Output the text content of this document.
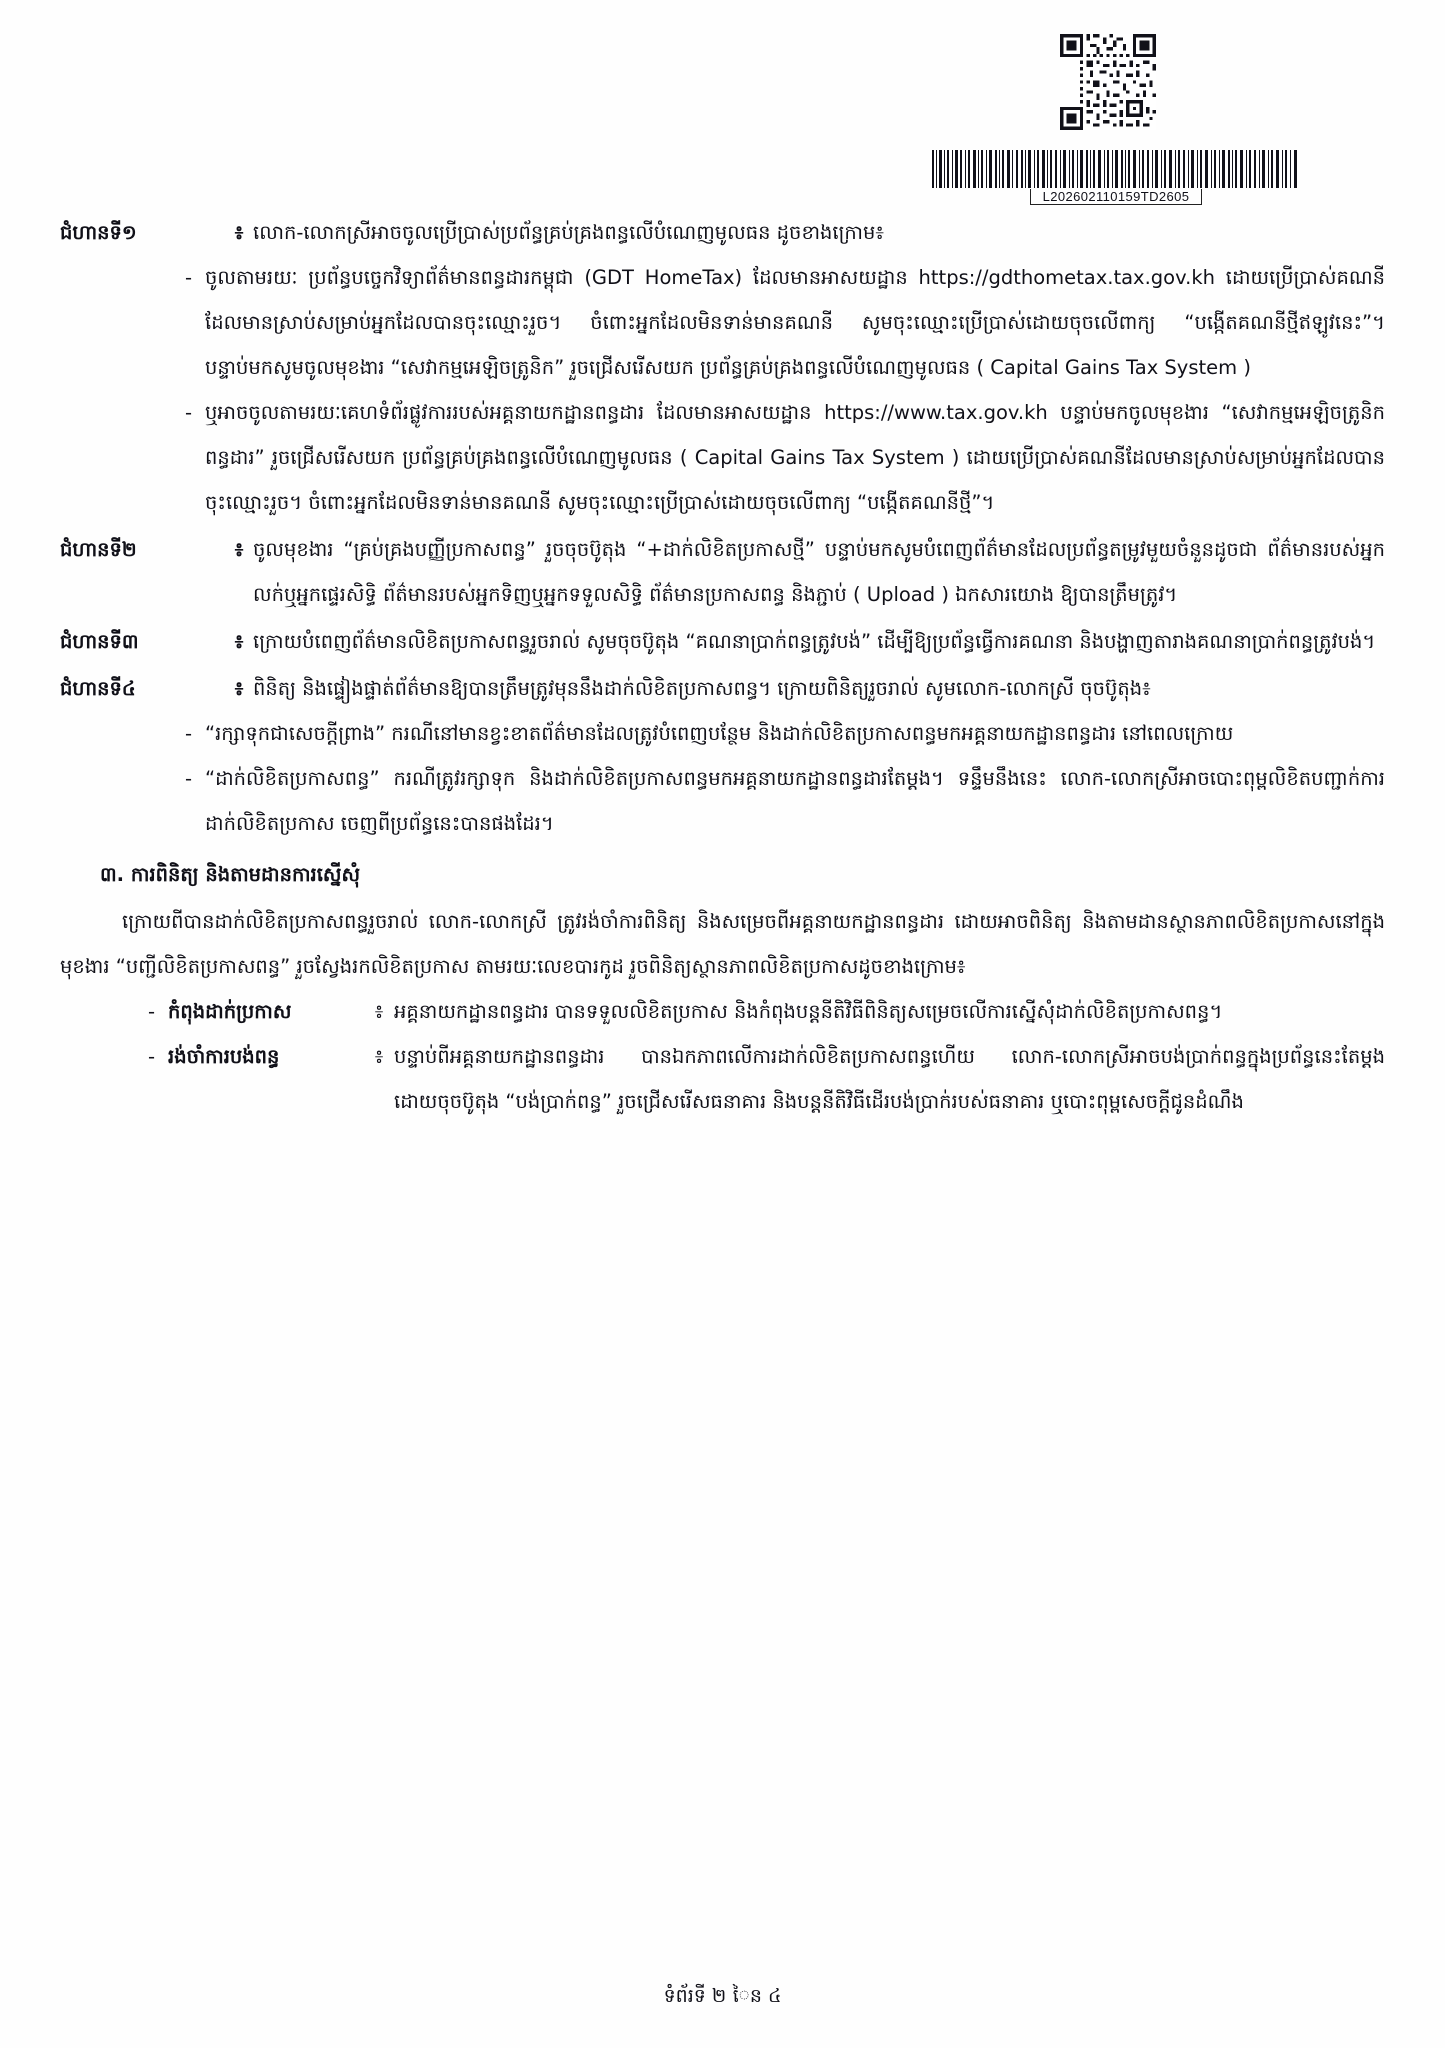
L202602110159TD2605
ជំហានទី១	៖ លោក-លោកស្រីអាចចូលប្រើប្រាស់ប្រព័ន្ធគ្រប់គ្រងពន្ធលើបំណេញមូលធន ដូចខាងក្រោម៖
- ចូលតាមរយៈ ប្រព័ន្ធបច្ចេកវិទ្យាព័ត៌មានពន្ធដារកម្ពុជា (GDT HomeTax) ដែលមានអាសយដ្ឋាន https://gdthometax.tax.gov.kh ដោយប្រើប្រាស់គណនីដែលមានស្រាប់សម្រាប់អ្នកដែលបានចុះឈ្មោះរួច។ ចំពោះអ្នកដែលមិនទាន់មានគណនី សូមចុះឈ្មោះប្រើប្រាស់ដោយចុចលើពាក្យ “បង្កើតគណនីថ្មីឥឡូវនេះ”។ បន្ទាប់មកសូមចូលមុខងារ “សេវាកម្មអេឡិចត្រូនិក” រួចជ្រើសរើសយក ប្រព័ន្ធគ្រប់គ្រងពន្ធលើបំណេញមូលធន ( Capital Gains Tax System )
- ឬអាចចូលតាមរយៈគេហទំព័រផ្លូវការរបស់អគ្គនាយកដ្ឋានពន្ធដារ ដែលមានអាសយដ្ឋាន https://www.tax.gov.kh បន្ទាប់មកចូលមុខងារ “សេវាកម្មអេឡិចត្រូនិកពន្ធដារ” រួចជ្រើសរើសយក ប្រព័ន្ធគ្រប់គ្រងពន្ធលើបំណេញមូលធន ( Capital Gains Tax System ) ដោយប្រើប្រាស់គណនីដែលមានស្រាប់សម្រាប់អ្នកដែលបានចុះឈ្មោះរួច។ ចំពោះអ្នកដែលមិនទាន់មានគណនី សូមចុះឈ្មោះប្រើប្រាស់ដោយចុចលើពាក្យ “បង្កើតគណនីថ្មី”។
ជំហានទី២	៖ ចូលមុខងារ “គ្រប់គ្រងបញ្ញីប្រកាសពន្ធ” រួចចុចប៊ូតុង “+ដាក់លិខិតប្រកាសថ្មី” បន្ទាប់មកសូមបំពេញព័ត៌មានដែលប្រព័ន្ធតម្រូវមួយចំនួនដូចជា ព័ត៌មានរបស់អ្នកលក់ឬអ្នកផ្ទេរសិទ្ធិ ព័ត៌មានរបស់អ្នកទិញឬអ្នកទទួលសិទ្ធិ ព័ត៌មានប្រកាសពន្ធ និងភ្ជាប់ ( Upload ) ឯកសារយោង ឱ្យបានត្រឹមត្រូវ។
ជំហានទី៣	៖ ក្រោយបំពេញព័ត៌មានលិខិតប្រកាសពន្ធរួចរាល់ សូមចុចប៊ូតុង “គណនាប្រាក់ពន្ធត្រូវបង់” ដើម្បីឱ្យប្រព័ន្ធធ្វើការគណនា និងបង្ហាញតារាងគណនាប្រាក់ពន្ធត្រូវបង់។
ជំហានទី៤	៖ ពិនិត្យ និងផ្ទៀងផ្ទាត់ព័ត៌មានឱ្យបានត្រឹមត្រូវមុននឹងដាក់លិខិតប្រកាសពន្ធ។ ក្រោយពិនិត្យរួចរាល់ សូមលោក-លោកស្រី ចុចប៊ូតុង៖
- “រក្សាទុកជាសេចក្តីព្រាង” ករណីនៅមានខ្វះខាតព័ត៌មានដែលត្រូវបំពេញបន្ថែម និងដាក់លិខិតប្រកាសពន្ធមកអគ្គនាយកដ្ឋានពន្ធដារ នៅពេលក្រោយ
- “ដាក់លិខិតប្រកាសពន្ធ” ករណីត្រូវរក្សាទុក និងដាក់លិខិតប្រកាសពន្ធមកអគ្គនាយកដ្ឋានពន្ធដារតែម្តង។ ទន្ទឹមនឹងនេះ លោក-លោកស្រីអាចបោះពុម្ពលិខិតបញ្ជាក់ការដាក់លិខិតប្រកាស ចេញពីប្រព័ន្ធនេះបានផងដែរ។
៣. ការពិនិត្យ និងតាមដានការស្នើសុំ
ក្រោយពីបានដាក់លិខិតប្រកាសពន្ធរួចរាល់ លោក-លោកស្រី ត្រូវរង់ចាំការពិនិត្យ និងសម្រេចពីអគ្គនាយកដ្ឋានពន្ធដារ ដោយអាចពិនិត្យ និងតាមដានស្ថានភាពលិខិតប្រកាសនៅក្នុងមុខងារ “បញ្ជីលិខិតប្រកាសពន្ធ” រួចស្វែងរកលិខិតប្រកាស តាមរយៈលេខបារកូដ រួចពិនិត្យស្ថានភាពលិខិតប្រកាសដូចខាងក្រោម៖
- កំពុងដាក់ប្រកាស	៖ អគ្គនាយកដ្ឋានពន្ធដារ បានទទួលលិខិតប្រកាស និងកំពុងបន្តនីតិវិធីពិនិត្យសម្រេចលើការស្នើសុំដាក់លិខិតប្រកាសពន្ធ។
- រង់ចាំការបង់ពន្ធ	៖ បន្ទាប់ពីអគ្គនាយកដ្ឋានពន្ធដារ បានឯកភាពលើការដាក់លិខិតប្រកាសពន្ធហើយ លោក-លោកស្រីអាចបង់ប្រាក់ពន្ធក្នុងប្រព័ន្ធនេះតែម្តង ដោយចុចប៊ូតុង “បង់ប្រាក់ពន្ធ” រួចជ្រើសរើសធនាគារ និងបន្តនីតិវិធីដើរបង់ប្រាក់របស់ធនាគារ ឬបោះពុម្ពសេចក្តីជូនដំណឹង
ទំព័រទី ២ ៃន ៤
